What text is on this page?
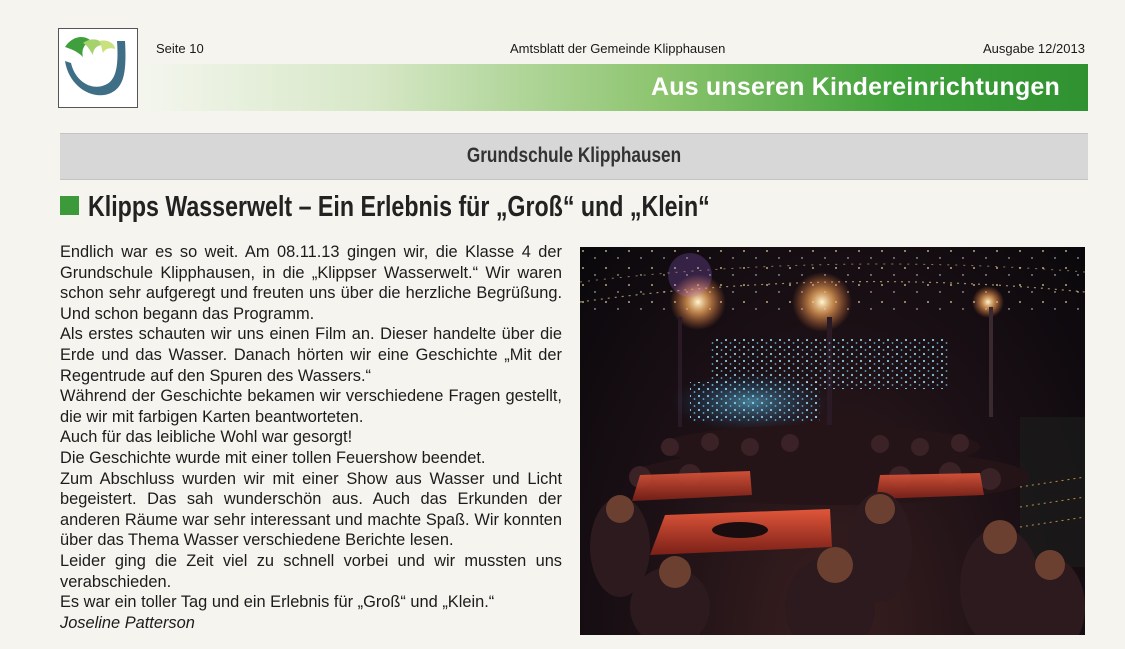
Seite 10	Amtsblatt der Gemeinde Klipphausen	Ausgabe 12/2013
Aus unseren Kindereinrichtungen
Grundschule Klipphausen
Klipps Wasserwelt – Ein Erlebnis für „Groß“ und „Klein“

Endlich war es so weit. Am 08.11.13 gingen wir, die Klasse 4 der Grundschule Klipphausen, in die „Klippser Wasserwelt.“ Wir waren schon sehr aufgeregt und freuten uns über die herzliche Begrüßung. Und schon begann das Programm.

Als erstes schauten wir uns einen Film an. Dieser handelte über die Erde und das Wasser. Danach hörten wir eine Geschichte „Mit der Regentrude auf den Spuren des Wassers.“

Während der Geschichte bekamen wir verschiedene Fragen gestellt, die wir mit farbigen Karten beantworteten.

Auch für das leibliche Wohl war gesorgt!

Die Geschichte wurde mit einer tollen Feuershow beendet.

Zum Abschluss wurden wir mit einer Show aus Wasser und Licht begeistert. Das sah wunderschön aus. Auch das Erkunden der anderen Räume war sehr interessant und machte Spaß. Wir konnten über das Thema Wasser verschiedene Berichte lesen.

Leider ging die Zeit viel zu schnell vorbei und wir mussten uns verabschieden.

Es war ein toller Tag und ein Erlebnis für „Groß“ und „Klein.“

Joseline Patterson
